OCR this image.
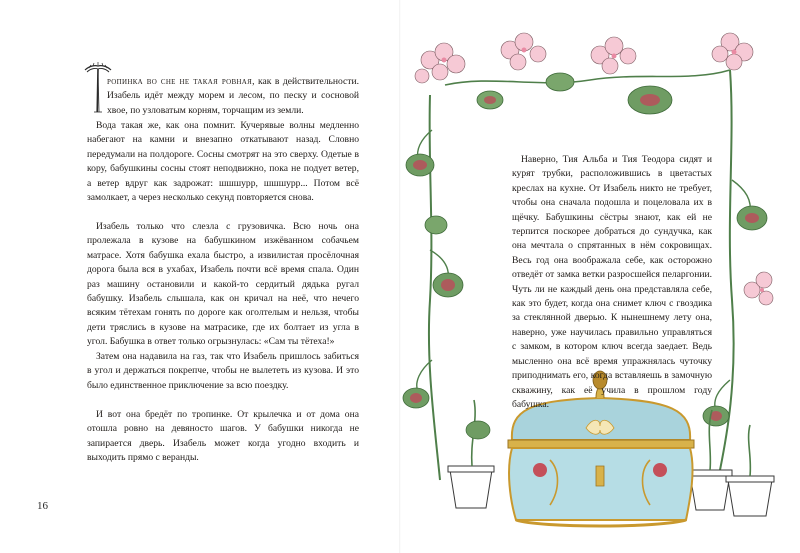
ропинка во сне не такая ровная, как в действительности. Изабель идёт между морем и лесом, по песку и сосновой хвое, по узловатым корням, торчащим из земли.

Вода такая же, как она помнит. Кучерявые волны медленно набегают на камни и внезапно откатывают назад. Словно передумали на полдороге. Сосны смотрят на это сверху. Одетые в кору, бабушкины сосны стоят неподвижно, пока не подует ветер, а ветер вдруг как задрожат: шшшурр, шшшурр... Потом всё замолкает, а через несколько секунд повторяется снова.

Изабель только что слезла с грузовичка. Всю ночь она пролежала в кузове на бабушкином изжёванном собачьем матрасе. Хотя бабушка ехала быстро, а извилистая просёлочная дорога была вся в ухабах, Изабель почти всё время спала. Один раз машину остановили и какой-то сердитый дядька ругал бабушку. Изабель слышала, как он кричал на неё, что нечего всяким тётехам гонять по дороге как оголтелым и нельзя, чтобы дети тряслись в кузове на матрасике, где их болтает из угла в угол. Бабушка в ответ только огрызнулась: «Сам ты тётеха!»

Затем она надавила на газ, так что Изабель пришлось забиться в угол и держаться покрепче, чтобы не вылететь из кузова. И это было единственное приключение за всю поездку.

И вот она бредёт по тропинке. От крылечка и от дома она отошла ровно на девяносто шагов. У бабушки никогда не запирается дверь. Изабель может когда угодно входить и выходить прямо с веранды.

16

Наверно, Тия Альба и Тия Теодора сидят и курят трубки, расположившись в цветастых креслах на кухне. От Изабель никто не требует, чтобы она сначала подошла и поцеловала их в щёчку. Бабушкины сёстры знают, как ей не терпится поскорее добраться до сундучка, как она мечтала о спрятанных в нём сокровищах. Весь год она воображала себе, как осторожно отведёт от замка ветки разросшейся пеларгонии. Чуть ли не каждый день она представляла себе, как это будет, когда она снимет ключ с гвоздика за стеклянной дверью. К нынешнему лету она, наверно, уже научилась правильно управляться с замком, в котором ключ всегда заедает. Ведь мысленно она всё время упражнялась чуточку приподнимать его, когда вставляешь в замочную скважину, как её учила в прошлом году бабушка.
